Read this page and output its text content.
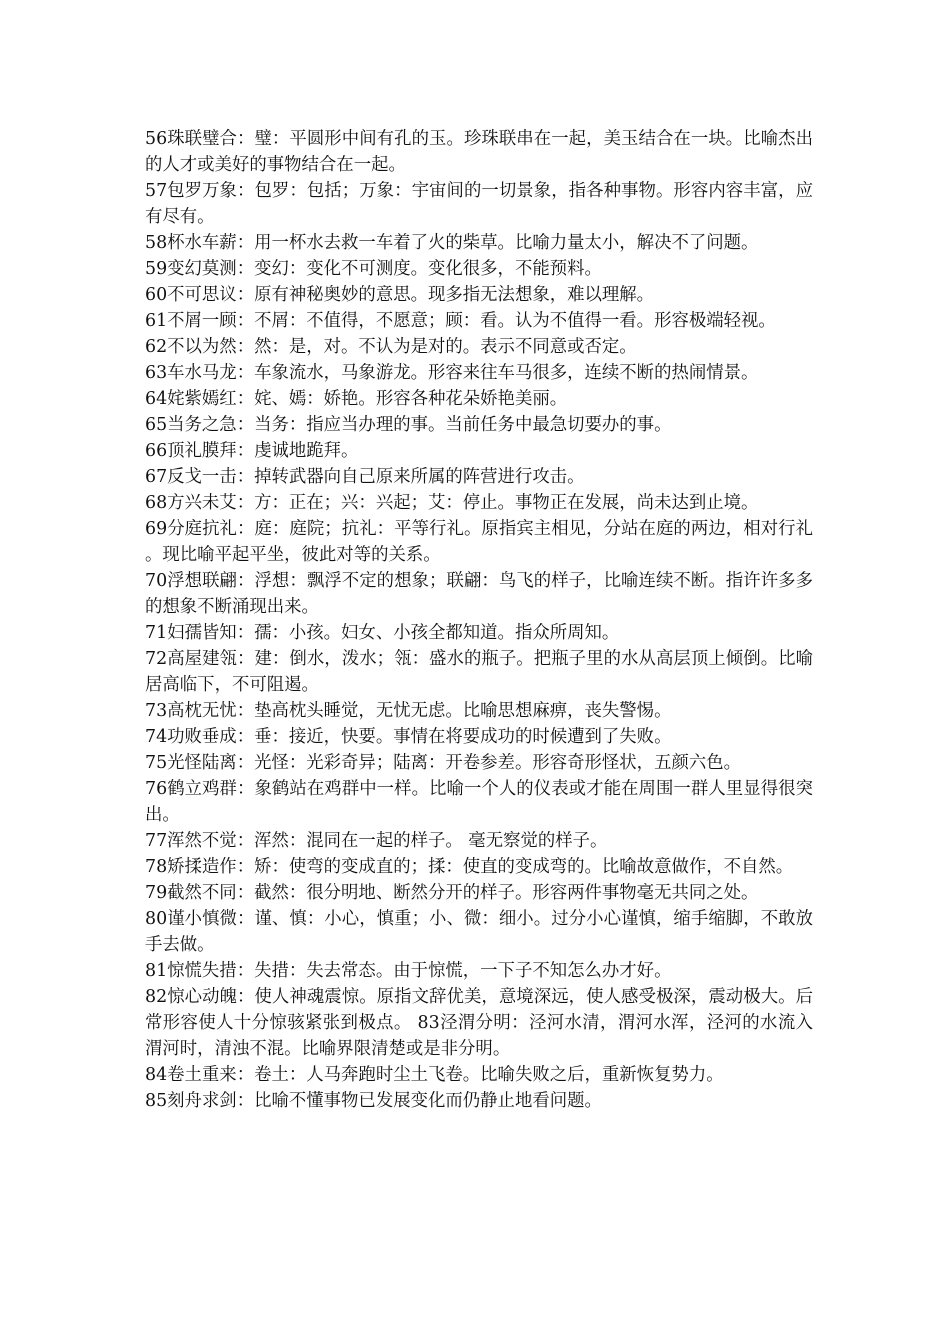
56珠联璧合：璧：平圆形中间有孔的玉。珍珠联串在一起，美玉结合在一块。比喻杰出的人才或美好的事物结合在一起。
57包罗万象：包罗：包括；万象：宇宙间的一切景象，指各种事物。形容内容丰富，应有尽有。
58杯水车薪：用一杯水去救一车着了火的柴草。比喻力量太小，解决不了问题。
59变幻莫测：变幻：变化不可测度。变化很多，不能预料。
60不可思议：原有神秘奥妙的意思。现多指无法想象，难以理解。
61不屑一顾：不屑：不值得，不愿意；顾：看。认为不值得一看。形容极端轻视。
62不以为然：然：是，对。不认为是对的。表示不同意或否定。
63车水马龙：车象流水，马象游龙。形容来往车马很多，连续不断的热闹情景。
64姹紫嫣红：姹、嫣：娇艳。形容各种花朵娇艳美丽。
65当务之急：当务：指应当办理的事。当前任务中最急切要办的事。
66顶礼膜拜：虔诚地跪拜。
67反戈一击：掉转武器向自己原来所属的阵营进行攻击。
68方兴未艾：方：正在；兴：兴起；艾：停止。事物正在发展，尚未达到止境。
69分庭抗礼：庭：庭院；抗礼：平等行礼。原指宾主相见，分站在庭的两边，相对行礼。现比喻平起平坐，彼此对等的关系。
70浮想联翩：浮想：飘浮不定的想象；联翩：鸟飞的样子，比喻连续不断。指许许多多的想象不断涌现出来。
71妇孺皆知：孺：小孩。妇女、小孩全都知道。指众所周知。
72高屋建瓴：建：倒水，泼水；瓴：盛水的瓶子。把瓶子里的水从高层顶上倾倒。比喻居高临下，不可阻遏。
73高枕无忧：垫高枕头睡觉，无忧无虑。比喻思想麻痹，丧失警惕。
74功败垂成：垂：接近，快要。事情在将要成功的时候遭到了失败。
75光怪陆离：光怪：光彩奇异；陆离：开卷参差。形容奇形怪状，五颜六色。
76鹤立鸡群：象鹤站在鸡群中一样。比喻一个人的仪表或才能在周围一群人里显得很突出。
77浑然不觉：浑然：混同在一起的样子。 毫无察觉的样子。
78矫揉造作：矫：使弯的变成直的；揉：使直的变成弯的。比喻故意做作，不自然。
79截然不同：截然：很分明地、断然分开的样子。形容两件事物毫无共同之处。
80谨小慎微：谨、慎：小心，慎重；小、微：细小。过分小心谨慎，缩手缩脚，不敢放手去做。
81惊慌失措：失措：失去常态。由于惊慌，一下子不知怎么办才好。
82惊心动魄：使人神魂震惊。原指文辞优美，意境深远，使人感受极深，震动极大。后常形容使人十分惊骇紧张到极点。 83泾渭分明：泾河水清，渭河水浑，泾河的水流入渭河时，清浊不混。比喻界限清楚或是非分明。
84卷土重来：卷土：人马奔跑时尘土飞卷。比喻失败之后，重新恢复势力。
85刻舟求剑：比喻不懂事物已发展变化而仍静止地看问题。
